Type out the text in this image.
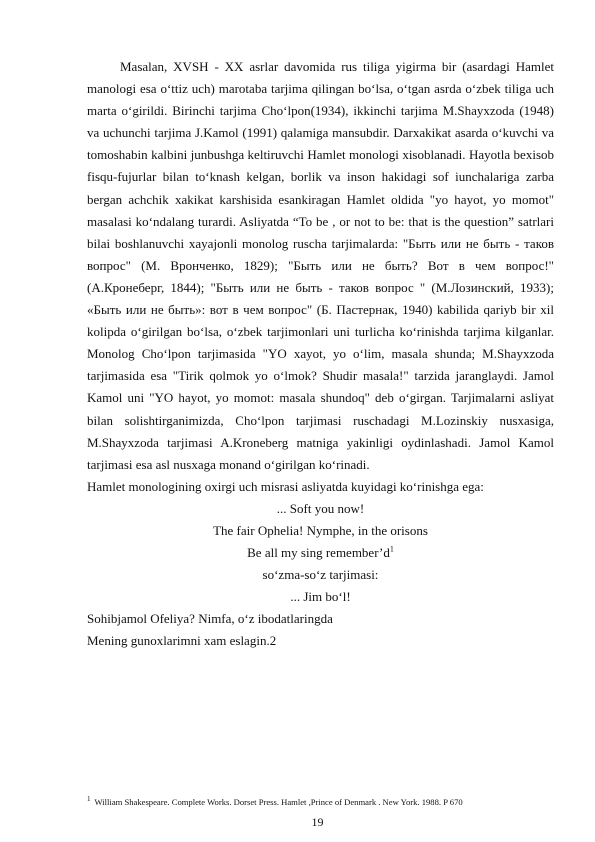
Masalan, XVSH - XX asrlar davomida rus tiliga yigirma bir (asardagi Hamlet manologi esa o‘ttiz uch) marotaba tarjima qilingan bo‘lsa, o‘tgan asrda o‘zbek tiliga uch marta o‘girildi. Birinchi tarjima Cho‘lpon(1934), ikkinchi tarjima M.Shayxzoda (1948) va uchunchi tarjima J.Kamol (1991) qalamiga mansubdir. Darxakikat asarda o‘kuvchi va tomoshabin kalbini junbushga keltiruvchi Hamlet monologi xisoblanadi. Hayotla bexisob fisqu-fujurlar bilan to‘knash kelgan, borlik va inson hakidagi sof iunchalariga zarba bergan achchik xakikat karshisida esankiragan Hamlet oldida "yo hayot, yo momot" masalasi ko‘ndalang turardi. Asliyatda “To be , or not to be: that is the question” satrlari bilai boshlanuvchi xayajonli monolog ruscha tarjimalarda: "Быть или не быть - таков вопрос" (M. Вронченко, 1829); "Быть или не быть? Вот в чем вопрос!" (А.Кронеберг, 1844); "Быть или не быть - таков вопрос " (М.Лозинский, 1933); «Быть или не быть»: вот в чем вопрос" (Б. Пастернак, 1940) kabilida qariyb bir xil kolipda o‘girilgan bo‘lsa, o‘zbek tarjimonlari uni turlicha ko‘rinishda tarjima kilganlar. Monolog Cho‘lpon tarjimasida "YO xayot, yo o‘lim, masala shunda; M.Shayxzoda tarjimasida esa "Tirik qolmok yo o‘lmok? Shudir masala!" tarzida jaranglaydi. Jamol Kamol uni "YO hayot, yo momot: masala shundoq" deb o‘girgan. Tarjimalarni asliyat bilan solishtirganimizda, Cho‘lpon tarjimasi ruschadagi M.Lozinskiy nusxasiga, M.Shayxzoda tarjimasi A.Kroneberg matniga yakinligi oydinlashadi. Jamol Kamol tarjimasi esa asl nusxaga monand o‘girilgan ko‘rinadi.

Hamlet monologining oxirgi uch misrasi asliyatda kuyidagi ko‘rinishga ega:

... Soft you now!

The fair Ophelia! Nymphe, in the orisons

Be all my sing $remember’d^1$

so‘zma-so‘z tarjimasi:

... Jim bo‘l!

Sohibjamol Ofeliya? Nimfa, o‘z ibodatlaringda

Mening gunoxlarimni xam eslagin.2

$^1$ William Shakespeare. Complete Works. Dorset Press. Hamlet ,Prince of Denmark . New York. 1988. P 670
19
